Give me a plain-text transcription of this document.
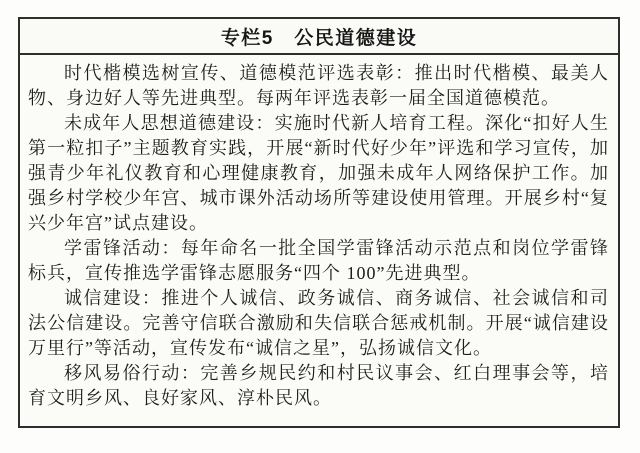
专栏5　公民道德建设

时代楷模选树宣传、道德模范评选表彰：推出时代楷模、最美人物、身边好人等先进典型。每两年评选表彰一届全国道德模范。

未成年人思想道德建设：实施时代新人培育工程。深化“扣好人生第一粒扣子”主题教育实践，开展“新时代好少年”评选和学习宣传，加强青少年礼仪教育和心理健康教育，加强未成年人网络保护工作。加强乡村学校少年宫、城市课外活动场所等建设使用管理。开展乡村“复兴少年宫”试点建设。

学雷锋活动：每年命名一批全国学雷锋活动示范点和岗位学雷锋标兵，宣传推选学雷锋志愿服务“四个 100”先进典型。

诚信建设：推进个人诚信、政务诚信、商务诚信、社会诚信和司法公信建设。完善守信联合激励和失信联合惩戒机制。开展“诚信建设万里行”等活动，宣传发布“诚信之星”，弘扬诚信文化。

移风易俗行动：完善乡规民约和村民议事会、红白理事会等，培育文明乡风、良好家风、淳朴民风。
